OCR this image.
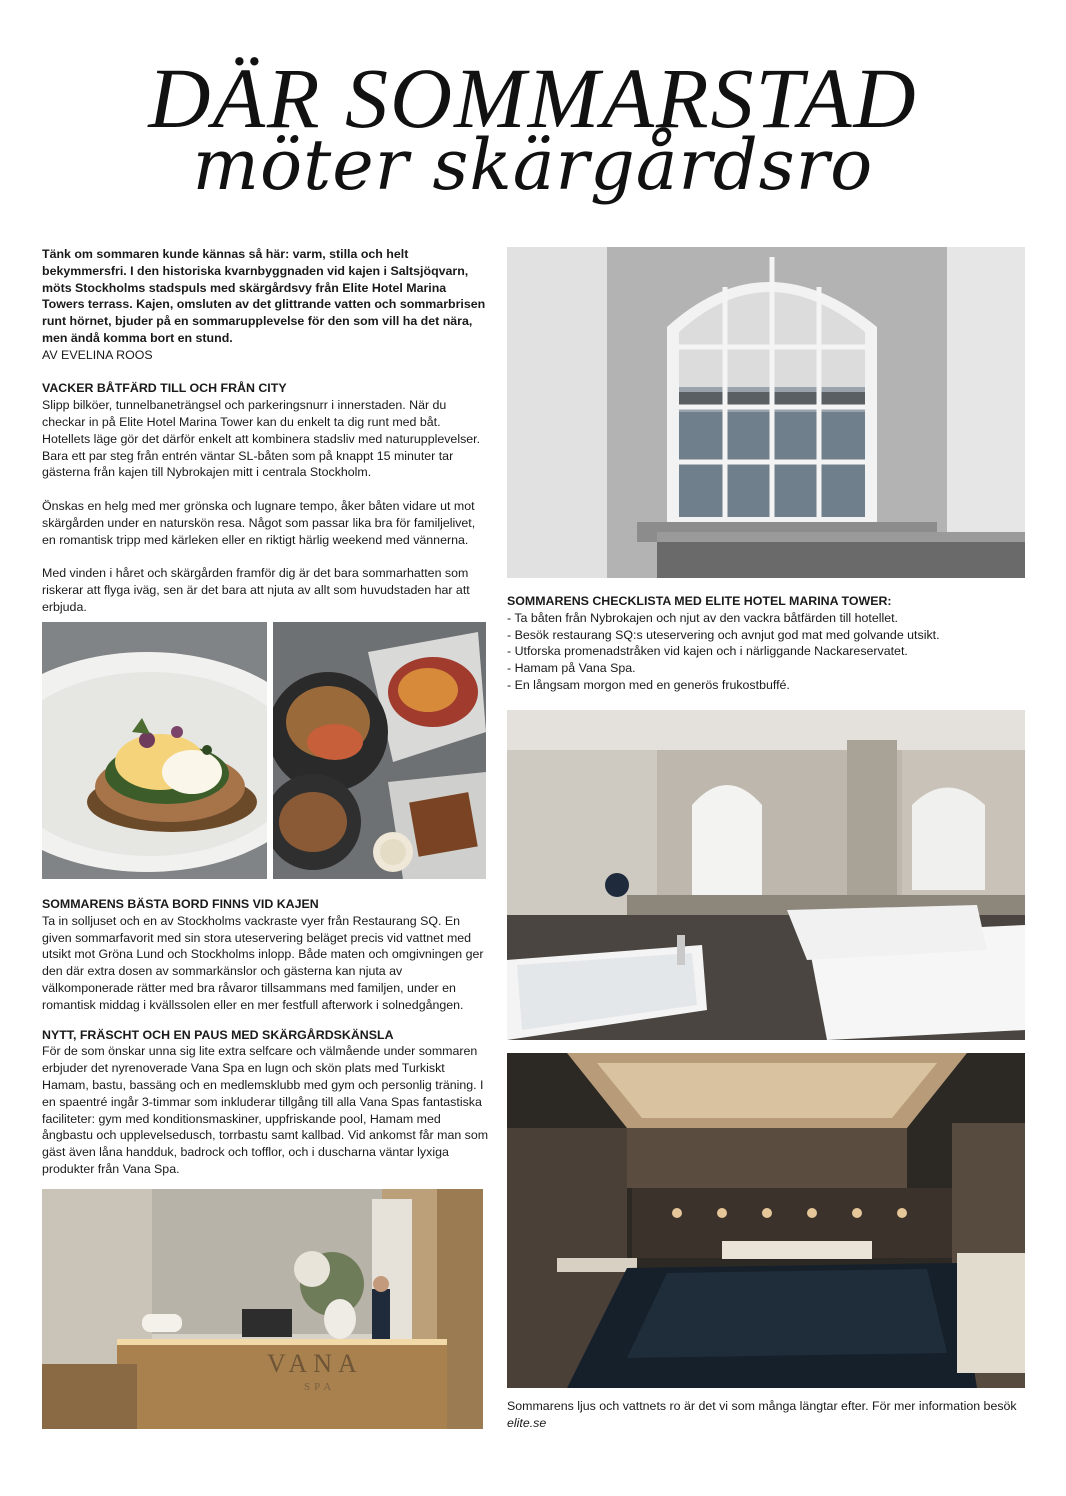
DÄR SOMMARSTAD
möter skärgårdsro

Tänk om sommaren kunde kännas så här: varm, stilla och helt bekymmersfri. I den historiska kvarnbyggnaden vid kajen i Saltsjöqvarn, möts Stockholms stadspuls med skärgårdsvy från Elite Hotel Marina Towers terrass. Kajen, omsluten av det glittrande vatten och sommarbrisen runt hörnet, bjuder på en sommarupplevelse för den som vill ha det nära, men ändå komma bort en stund.

AV EVELINA ROOS

VACKER BÅTFÄRD TILL OCH FRÅN CITY

Slipp bilköer, tunnelbaneträngsel och parkeringsnurr i innerstaden. När du checkar in på Elite Hotel Marina Tower kan du enkelt ta dig runt med båt. Hotellets läge gör det därför enkelt att kombinera stadsliv med naturupplevelser. Bara ett par steg från entrén väntar SL-båten som på knappt 15 minuter tar gästerna från kajen till Nybrokajen mitt i centrala Stockholm.

Önskas en helg med mer grönska och lugnare tempo, åker båten vidare ut mot skärgården under en naturskön resa. Något som passar lika bra för familjelivet, en romantisk tripp med kärleken eller en riktigt härlig weekend med vännerna.

Med vinden i håret och skärgården framför dig är det bara sommarhatten som riskerar att flyga iväg, sen är det bara att njuta av allt som huvudstaden har att erbjuda.

SOMMARENS BÄSTA BORD FINNS VID KAJEN

Ta in solljuset och en av Stockholms vackraste vyer från Restaurang SQ. En given sommarfavorit med sin stora uteservering beläget precis vid vattnet med utsikt mot Gröna Lund och Stockholms inlopp. Både maten och omgivningen ger den där extra dosen av sommarkänslor och gästerna kan njuta av välkomponerade rätter med bra råvaror tillsammans med familjen, under en romantisk middag i kvällssolen eller en mer festfull afterwork i solnedgången.

NYTT, FRÄSCHT OCH EN PAUS MED SKÄRGÅRDSKÄNSLA

För de som önskar unna sig lite extra selfcare och välmående under sommaren erbjuder det nyrenoverade Vana Spa en lugn och skön plats med Turkiskt Hamam, bastu, bassäng och en medlemsklubb med gym och personlig träning. I en spaentré ingår 3-timmar som inkluderar tillgång till alla Vana Spas fantastiska faciliteter: gym med konditionsmaskiner, uppfriskande pool, Hamam med ångbastu och upplevelsedusch, torrbastu samt kallbad. Vid ankomst får man som gäst även låna handduk, badrock och tofflor, och i duscharna väntar lyxiga produkter från Vana Spa.

VANA
SPA
SOMMARENS CHECKLISTA MED ELITE HOTEL MARINA TOWER:
- Ta båten från Nybrokajen och njut av den vackra båtfärden till hotellet.
- Besök restaurang SQ:s uteservering och avnjut god mat med golvande utsikt.
- Utforska promenadstråken vid kajen och i närliggande Nackareservatet.
- Hamam på Vana Spa.
- En långsam morgon med en generös frukostbuffé.
Sommarens ljus och vattnets ro är det vi som många längtar efter. För mer information besök
elite.se
